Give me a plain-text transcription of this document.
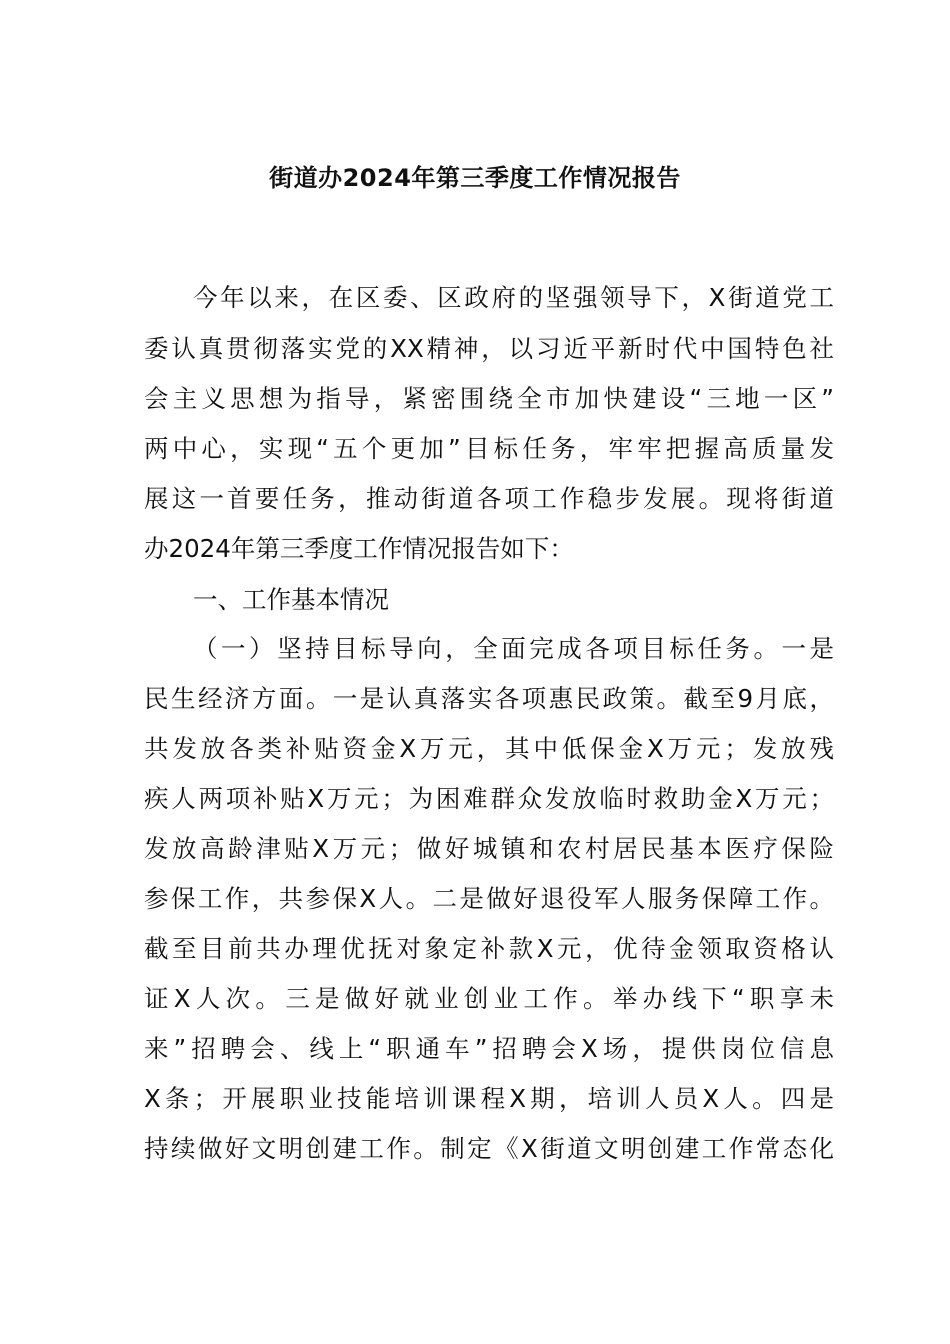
街道办2024年第三季度工作情况报告
今年以来，在区委、区政府的坚强领导下，X街道党工
委认真贯彻落实党的XX精神，以习近平新时代中国特色社
会主义思想为指导，紧密围绕全市加快建设“三地一区”
两中心，实现“五个更加”目标任务，牢牢把握高质量发
展这一首要任务，推动街道各项工作稳步发展。现将街道
办2024年第三季度工作情况报告如下：
一、工作基本情况
（一）坚持目标导向，全面完成各项目标任务。一是
民生经济方面。一是认真落实各项惠民政策。截至9月底，
共发放各类补贴资金X万元，其中低保金X万元；发放残
疾人两项补贴X万元；为困难群众发放临时救助金X万元；
发放高龄津贴X万元；做好城镇和农村居民基本医疗保险
参保工作，共参保X人。二是做好退役军人服务保障工作。
截至目前共办理优抚对象定补款X元，优待金领取资格认
证X人次。三是做好就业创业工作。举办线下“职享未
来”招聘会、线上“职通车”招聘会X场，提供岗位信息
X条；开展职业技能培训课程X期，培训人员X人。四是
持续做好文明创建工作。制定《X街道文明创建工作常态化
